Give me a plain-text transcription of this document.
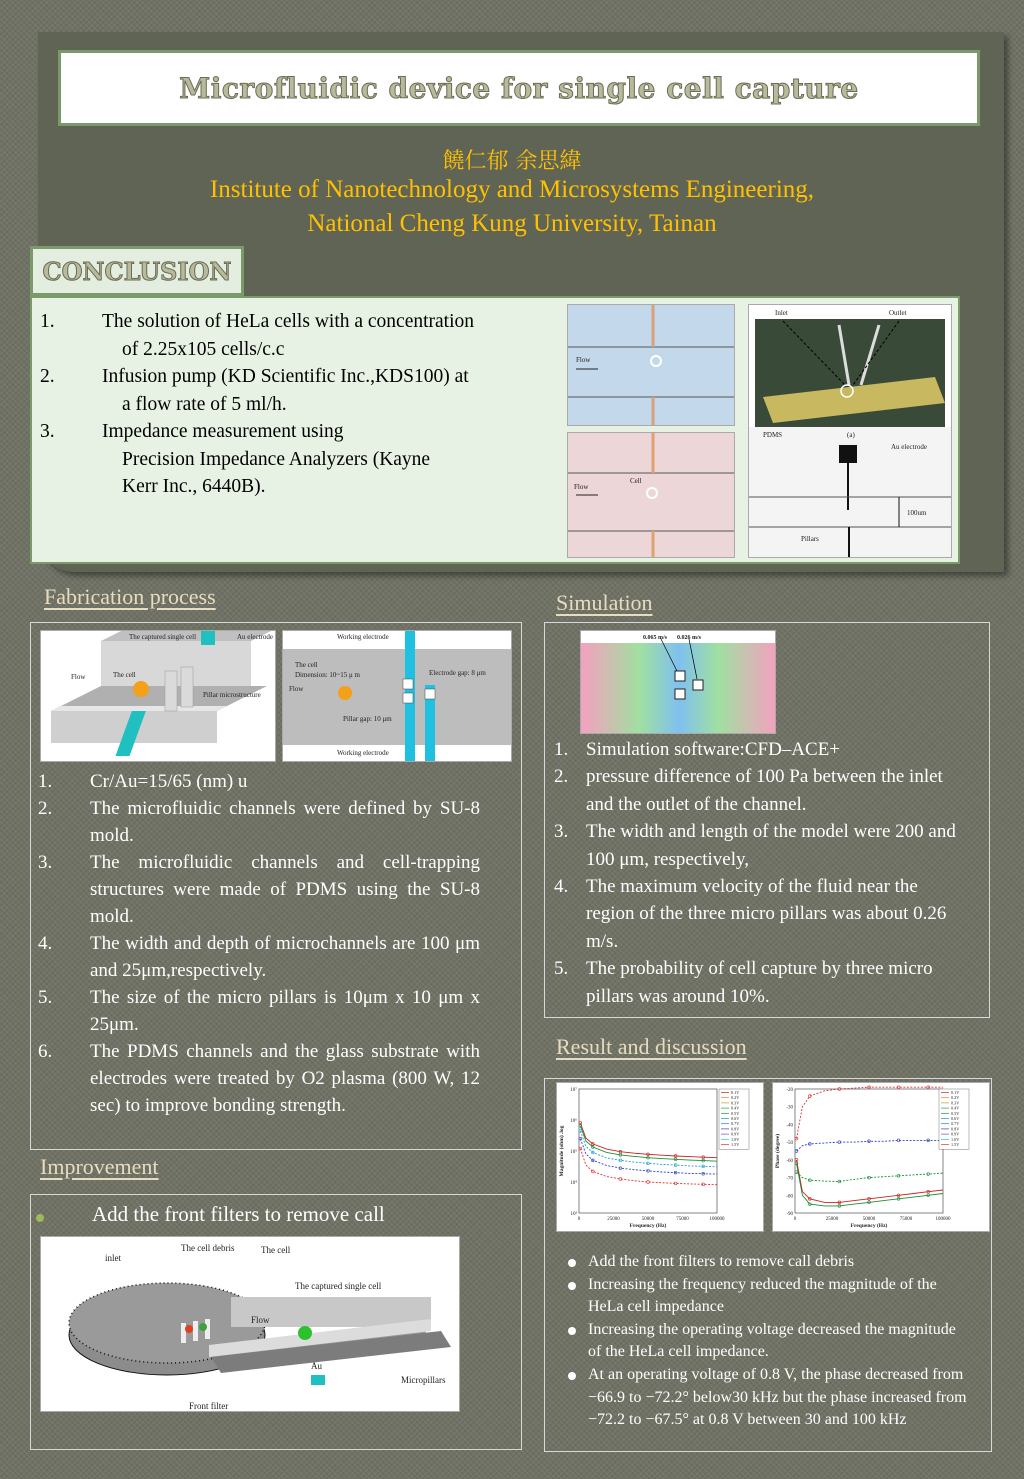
Microfluidic device for single cell capture
饒仁郁 余思緯
Institute of Nanotechnology and Microsystems Engineering,
National Cheng Kung University, Tainan
CONCLUSION
1. The solution of HeLa cells with a concentration
of 2.25x105 cells/c.c
2. Infusion pump (KD Scientific Inc.,KDS100) at
a flow rate of 5 ml/h.
3. Impedance measurement using
Precision Impedance Analyzers (Kayne
Kerr Inc., 6440B).
Flow
Flow
Cell
Inlet	Outlet
PDMS	(a)
Au electrode
100um
Pillars
Fabrication process
The captured single cell	Au electrode
Flow	The cell
Pillar microstructure
Working electrode
The cell
Dimension: 10~15 μ m
Flow
Electrode gap: 8 μm
Pillar gap: 10 μm
Working electrode
1. Cr/Au=15/65 (nm) u
2. The microfluidic channels were defined by SU-8 mold.
3. The microfluidic channels and cell-trapping structures were made of PDMS using the SU-8 mold.
4. The width and depth of microchannels are 100 μm and 25μm,respectively.
5. The size of the micro pillars is 10μm x 10 μm x 25μm.
6. The PDMS channels and the glass substrate with electrodes were treated by O2 plasma (800 W, 12 sec) to improve bonding strength.
Improvement
Add the front filters to remove call
inlet
The cell debris	The cell
The captured single cell
Flow
Au
Micropillars
Front filter
Simulation
0.065 m/s 0.026 m/s
1. Simulation software:CFD–ACE+
2. pressure difference of 100 Pa between the inlet and the outlet of the channel.
3. The width and length of the model were 200 and 100 μm, respectively,
4. The maximum velocity of the fluid near the region of the three micro pillars was about 0.26 m/s.
5. The probability of cell capture by three micro pillars was around 10%.
Result and discussion
0	25000	50000	75000	100000
10⁷
10⁶
10⁵
10⁴
10³
Frequency (Hz)
Magnitude (ohm) .log
0.1V
0.2V
0.3V
0.4V
0.5V
0.6V
0.7V
0.8V
0.9V
1.0V
1.5V
0	25000	50000	75000	100000
-20
-30
-40
-50
-60
-70
-80
-90
Frequency (Hz)
Phase (degree)
0.1V
0.2V
0.3V
0.4V
0.5V
0.6V
0.7V
0.8V
0.9V
1.0V
1.5V
Add the front filters to remove call debris
Increasing the frequency reduced the magnitude of the HeLa cell impedance
Increasing the operating voltage decreased the magnitude of the HeLa cell impedance.
At an operating voltage of 0.8 V, the phase decreased from −66.9 to −72.2° below30 kHz but the phase increased from −72.2 to −67.5° at 0.8 V between 30 and 100 kHz
